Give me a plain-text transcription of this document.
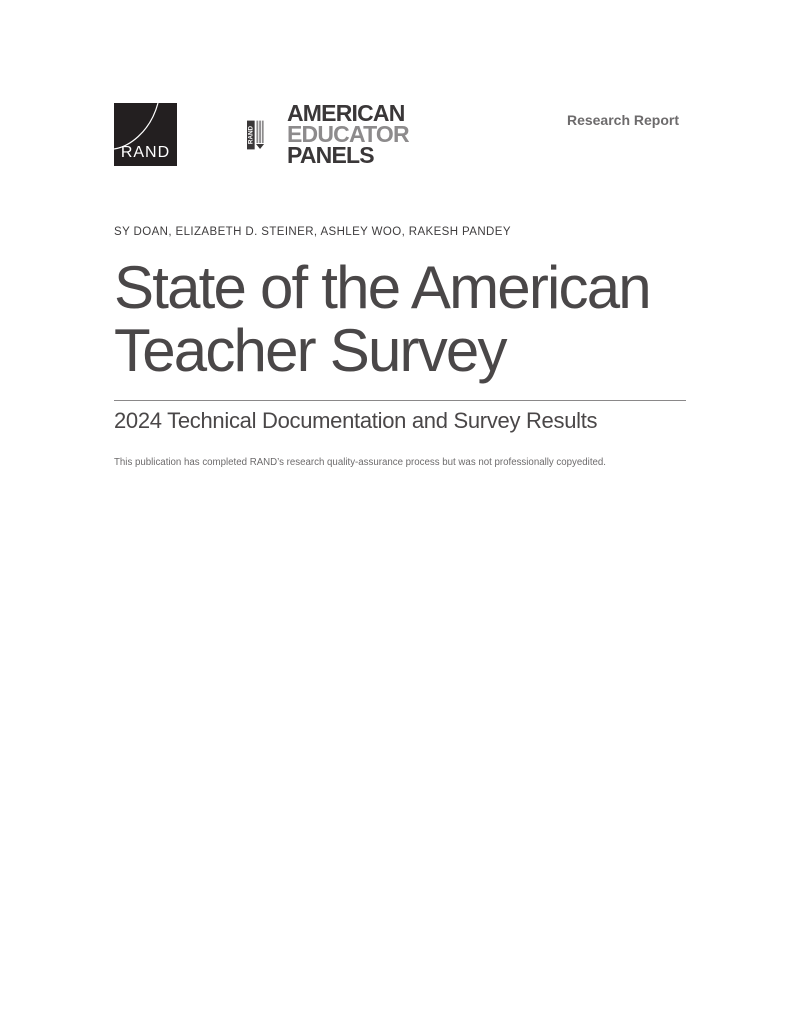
RAND
RAND
AMERICAN
EDUCATOR
PANELS
Research Report
SY DOAN, ELIZABETH D. STEINER, ASHLEY WOO, RAKESH PANDEY
State of the American
Teacher Survey
2024 Technical Documentation and Survey Results
This publication has completed RAND’s research quality-assurance process but was not professionally copyedited.
